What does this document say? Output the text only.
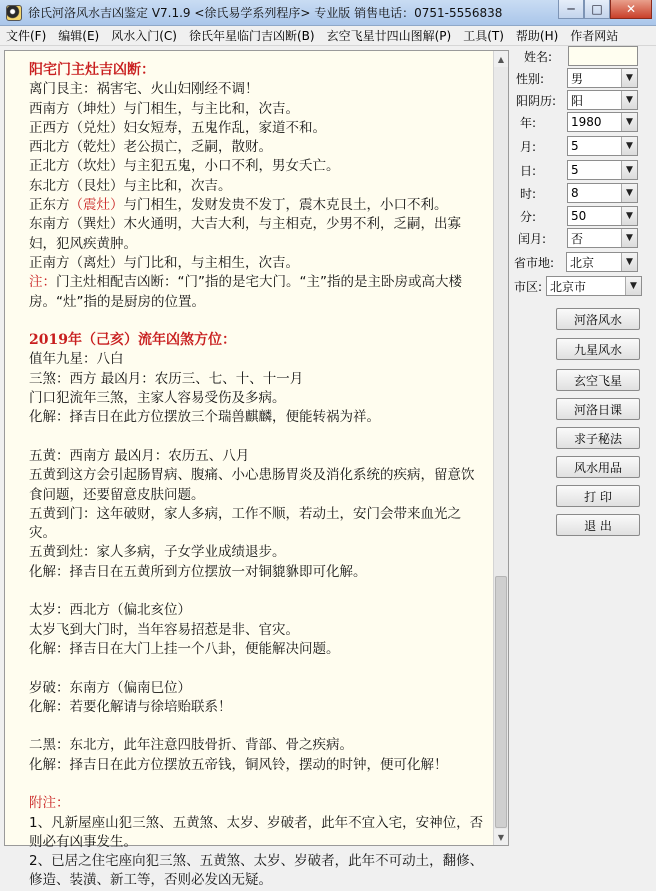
徐氏河洛风水吉凶鉴定 V7.1.9 <徐氏易学系列程序> 专业版 销售电话：0751-5556838	─	□	✕
文件(F)	编辑(E)	风水入门(C)	徐氏年星临门吉凶断(B)	玄空飞星廿四山图解(P)	工具(T)	帮助(H)	作者网站
阳宅门主灶吉凶断：
离门艮主：祸害宅、火山妇刚经不调！
西南方（坤灶）与门相生，与主比和，次吉。
正西方（兑灶）妇女短寿，五鬼作乱，家道不和。
西北方（乾灶）老公损亡，乏嗣，散财。
正北方（坎灶）与主犯五鬼，小口不利，男女夭亡。
东北方（艮灶）与主比和，次吉。
正东方（震灶）与门相生，发财发贵不发丁，震木克艮土，小口不利。
东南方（巽灶）木火通明，大吉大利，与主相克，少男不利，乏嗣，出寡妇，犯风疾黄肿。
正南方（离灶）与门比和，与主相生，次吉。
注：门主灶相配吉凶断：“门”指的是宅大门。“主”指的是主卧房或高大楼房。“灶”指的是厨房的位置。
2019年（己亥）流年凶煞方位：
值年九星：八白
三煞：西方 最凶月：农历三、七、十、十一月
门口犯流年三煞，主家人容易受伤及多病。
化解：择吉日在此方位摆放三个瑞兽麒麟，便能转祸为祥。
五黄：西南方 最凶月：农历五、八月
五黄到这方会引起肠胃病、腹痛、小心患肠胃炎及消化系统的疾病，留意饮食问题，还要留意皮肤问题。
五黄到门：这年破财，家人多病，工作不顺，若动土，安门会带来血光之灾。
五黄到灶：家人多病，子女学业成绩退步。
化解：择吉日在五黄所到方位摆放一对铜貔貅即可化解。
太岁：西北方（偏北亥位）
太岁飞到大门时，当年容易招惹是非、官灾。
化解：择吉日在大门上挂一个八卦，便能解决问题。
岁破：东南方（偏南巳位）
化解：若要化解请与徐培贻联系！
二黑：东北方，此年注意四肢骨折、背部、骨之疾病。
化解：择吉日在此方位摆放五帝钱，铜风铃，摆动的时钟，便可化解！
附注：
1、凡新屋座山犯三煞、五黄煞、太岁、岁破者，此年不宜入宅，安神位，否则必有凶事发生。
2、已居之住宅座向犯三煞、五黄煞、太岁、岁破者，此年不可动土，翻修、修造、装潢、新工等，否则必发凶无疑。
▲
▼
姓名:
性别: 男	▼
阳阴历: 阳	▼
年:	1980	▼
月:	5	▼
日:	5	▼
时:	8	▼
分:	50	▼
闰月: 否	▼
省市地: 北京	▼
市区: 北京市	▼
河洛风水
九星风水
玄空飞星
河洛日课
求子秘法
风水用品
打 印
退 出
